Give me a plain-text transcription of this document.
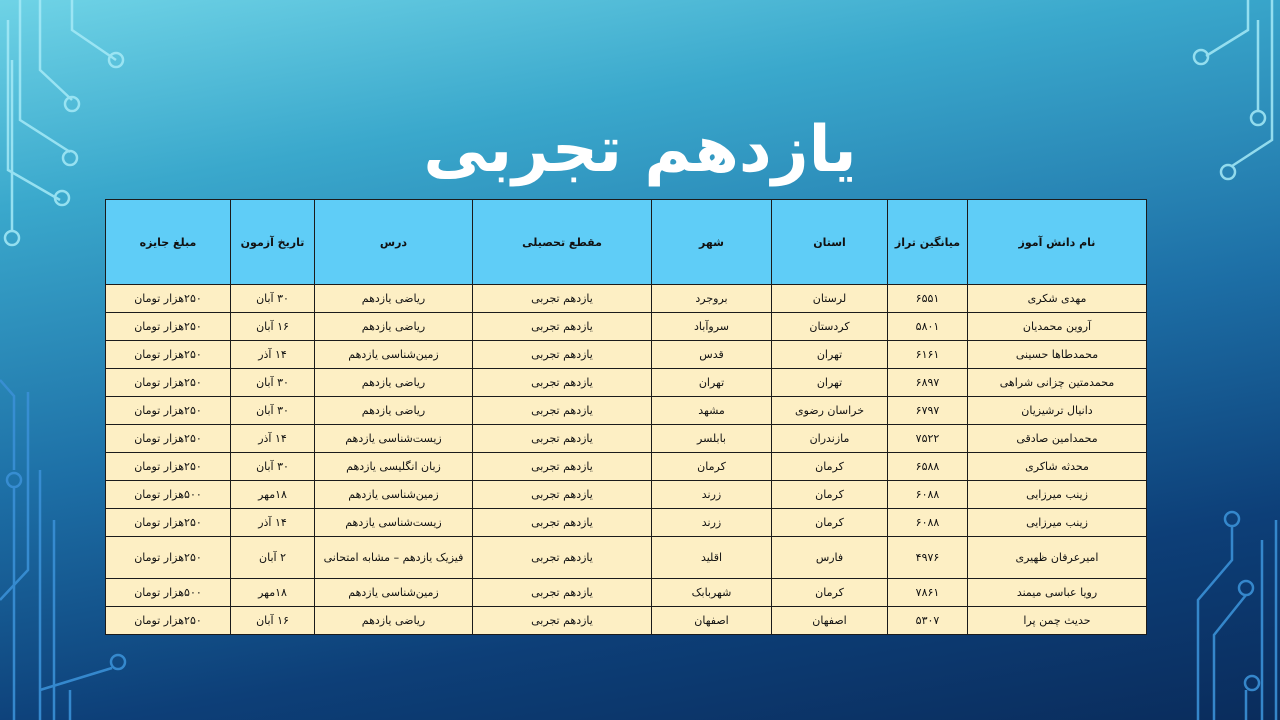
یازدهم تجربی
نام دانش آموز	میانگین تراز	استان	شهر	مقطع تحصیلی	درس	تاریخ آزمون	مبلغ جایزه
مهدی شکری	۶۵۵۱	لرستان	بروجرد	یازدهم تجربی	ریاضی یازدهم	۳۰ آبان	۲۵۰هزار تومان
آروین محمدیان	۵۸۰۱	کردستان	سروآباد	یازدهم تجربی	ریاضی یازدهم	۱۶ آبان	۲۵۰هزار تومان
محمدطاها حسینی	۶۱۶۱	تهران	قدس	یازدهم تجربی	زمین‌شناسی یازدهم	۱۴ آذر	۲۵۰هزار تومان
محمدمتین چزانی شراهی	۶۸۹۷	تهران	تهران	یازدهم تجربی	ریاضی یازدهم	۳۰ آبان	۲۵۰هزار تومان
دانیال ترشیزیان	۶۷۹۷	خراسان رضوی	مشهد	یازدهم تجربی	ریاضی یازدهم	۳۰ آبان	۲۵۰هزار تومان
محمدامین صادقی	۷۵۲۲	مازندران	بابلسر	یازدهم تجربی	زیست‌شناسی یازدهم	۱۴ آذر	۲۵۰هزار تومان
محدثه شاکری	۶۵۸۸	کرمان	کرمان	یازدهم تجربی	زبان انگلیسی یازدهم	۳۰ آبان	۲۵۰هزار تومان
زینب میرزایی	۶۰۸۸	کرمان	زرند	یازدهم تجربی	زمین‌شناسی یازدهم	۱۸مهر	۵۰۰هزار تومان
زینب میرزایی	۶۰۸۸	کرمان	زرند	یازدهم تجربی	زیست‌شناسی یازدهم	۱۴ آذر	۲۵۰هزار تومان
امیرعرفان ظهیری	۴۹۷۶	فارس	اقلید	یازدهم تجربی	فیزیک یازدهم – مشابه امتحانی	۲ آبان	۲۵۰هزار تومان
رویا عباسی میمند	۷۸۶۱	کرمان	شهربابک	یازدهم تجربی	زمین‌شناسی یازدهم	۱۸مهر	۵۰۰هزار تومان
حدیث چمن پرا	۵۳۰۷	اصفهان	اصفهان	یازدهم تجربی	ریاضی یازدهم	۱۶ آبان	۲۵۰هزار تومان
